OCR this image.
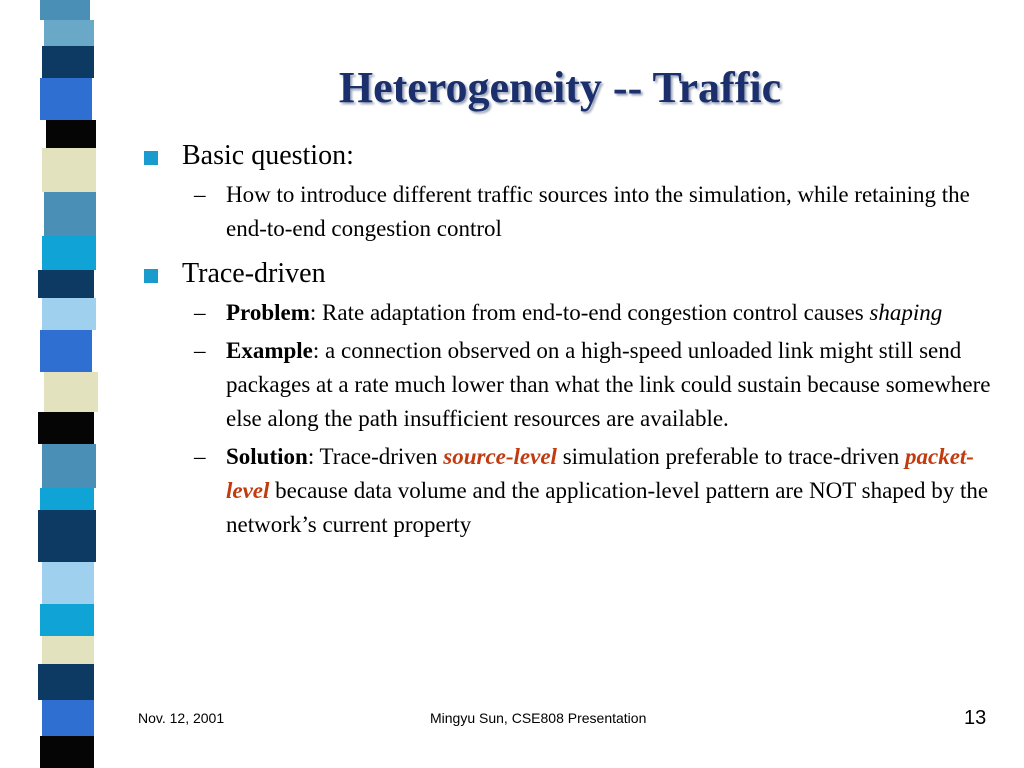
Heterogeneity -- Traffic
Basic question:
– How to introduce different traffic sources into the simulation, while retaining the end-to-end congestion control
Trace-driven
– Problem: Rate adaptation from end-to-end congestion control causes shaping
– Example: a connection observed on a high-speed unloaded link might still send packages at a rate much lower than what the link could sustain because somewhere else along the path insufficient resources are available.
– Solution: Trace-driven source-level simulation preferable to trace-driven packet-level because data volume and the application-level pattern are NOT shaped by the network’s current property
Nov. 12, 2001	Mingyu Sun, CSE808 Presentation	13
